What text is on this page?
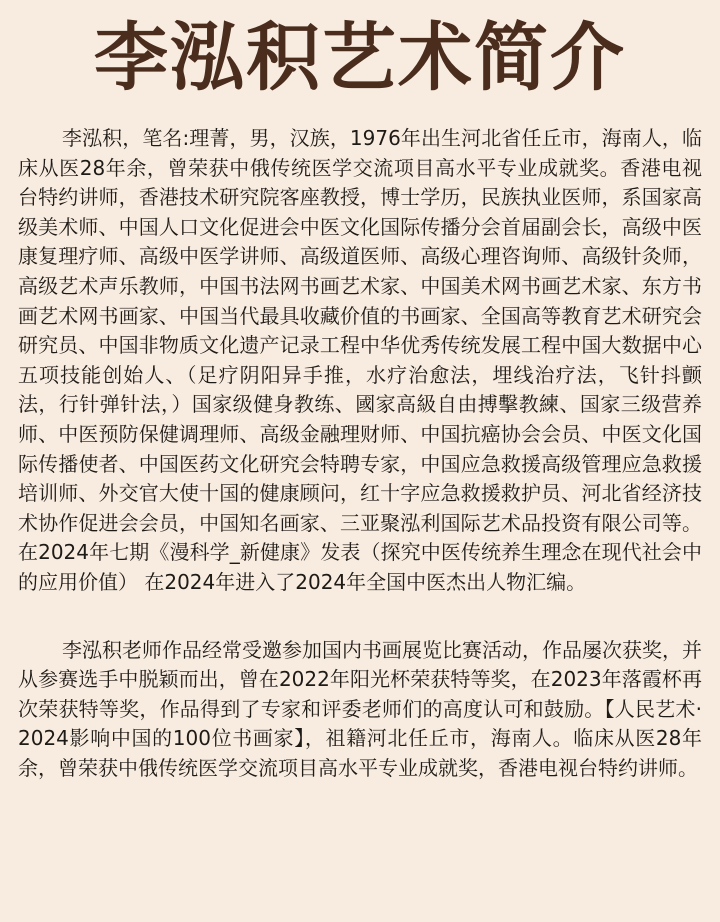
李泓积艺术简介

李泓积，笔名:理菁，男，汉族，1976年出生河北省任丘市，海南人，临床从医28年余，曾荣获中俄传统医学交流项目高水平专业成就奖。香港电视台特约讲师，香港技术研究院客座教授，博士学历，民族执业医师，系国家高级美术师、中国人口文化促进会中医文化国际传播分会首届副会长，高级中医康复理疗师、高级中医学讲师、高级道医师、高级心理咨询师、高级针灸师，高级艺术声乐教师，中国书法网书画艺术家、中国美术网书画艺术家、东方书画艺术网书画家、中国当代最具收藏价值的书画家、全国高等教育艺术研究会研究员、中国非物质文化遗产记录工程中华优秀传统发展工程中国大数据中心五项技能创始人、（足疗阴阳异手推，水疗治愈法，埋线治疗法，飞针抖颤法，行针弹针法，）国家级健身教练、國家高級自由搏擊教練、国家三级营养师、中医预防保健调理师、高级金融理财师、中国抗癌协会会员、中医文化国际传播使者、中国医药文化研究会特聘专家，中国应急救援高级管理应急救援培训师、外交官大使十国的健康顾问，红十字应急救援救护员、河北省经济技术协作促进会会员，中国知名画家、三亚聚泓利国际艺术品投资有限公司等。在2024年七期《漫科学_新健康》发表（探究中医传统养生理念在现代社会中的应用价值） 在2024年进入了2024年全国中医杰出人物汇编。

李泓积老师作品经常受邀参加国内书画展览比赛活动，作品屡次获奖，并从参赛选手中脱颖而出，曾在2022年阳光杯荣获特等奖，在2023年落霞杯再次荣获特等奖，作品得到了专家和评委老师们的高度认可和鼓励。【人民艺术·2024影响中国的100位书画家】，祖籍河北任丘市，海南人。临床从医28年余，曾荣获中俄传统医学交流项目高水平专业成就奖，香港电视台特约讲师。
